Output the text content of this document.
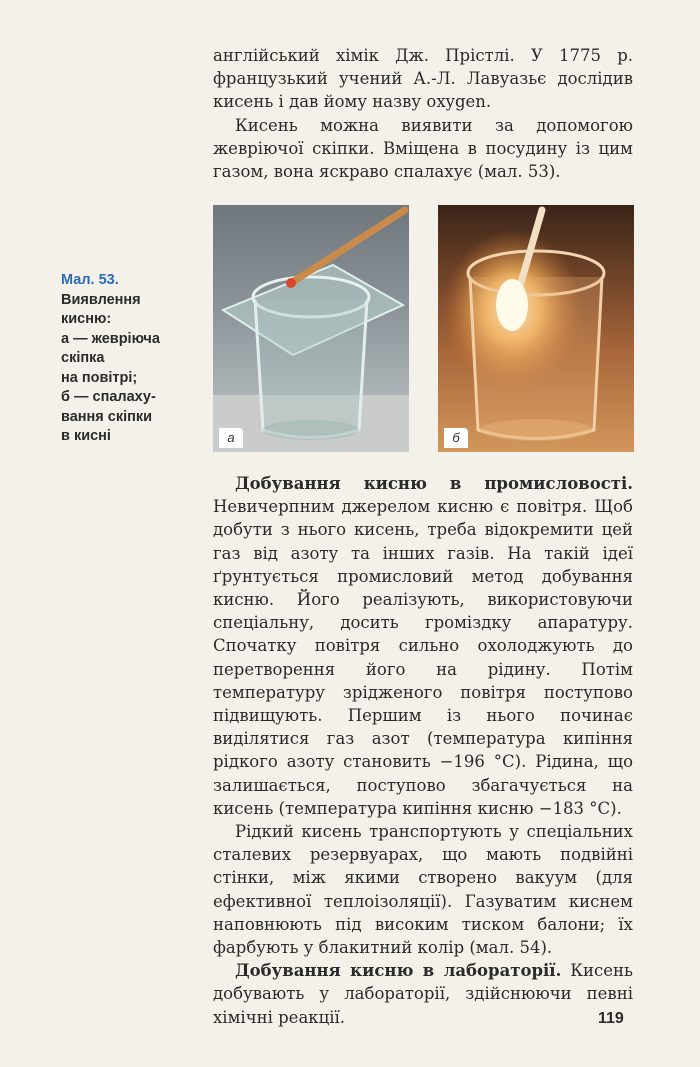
англійський хімік Дж. Прістлі. У 1775 р. французький учений А.-Л. Лавуазьє дослідив кисень і дав йому назву oxygen.

Кисень можна виявити за допомогою жевріючої скіпки. Вміщена в посудину із цим газом, вона яскраво спалахує (мал. 53).

Мал. 53.
Виявлення
кисню:
а — жевріюча
скіпка
на повітрі;
б — спалаху-
вання скіпки
в кисні	а	б

Добування кисню в промисловості. Невичерпним джерелом кисню є повітря. Щоб добути з нього кисень, треба відокремити цей газ від азоту та інших газів. На такій ідеї ґрунтується промисловий метод добування кисню. Його реалізують, використовуючи спеціальну, досить громіздку апаратуру. Спочатку повітря сильно охолоджують до перетворення його на рідину. Потім температуру зрідженого повітря поступово підвищують. Першим із нього починає виділятися газ азот (температура кипіння рідкого азоту становить −196 °С). Рідина, що залишається, поступово збагачується на кисень (температура кипіння кисню −183 °С).

Рідкий кисень транспортують у спеціальних сталевих резервуарах, що мають подвійні стінки, між якими створено вакуум (для ефективної теплоізоляції). Газуватим киснем наповнюють під високим тиском балони; їх фарбують у блакитний колір (мал. 54).

Добування кисню в лабораторії. Кисень добувають у лабораторії, здійснюючи певні хімічні реакції.	119
